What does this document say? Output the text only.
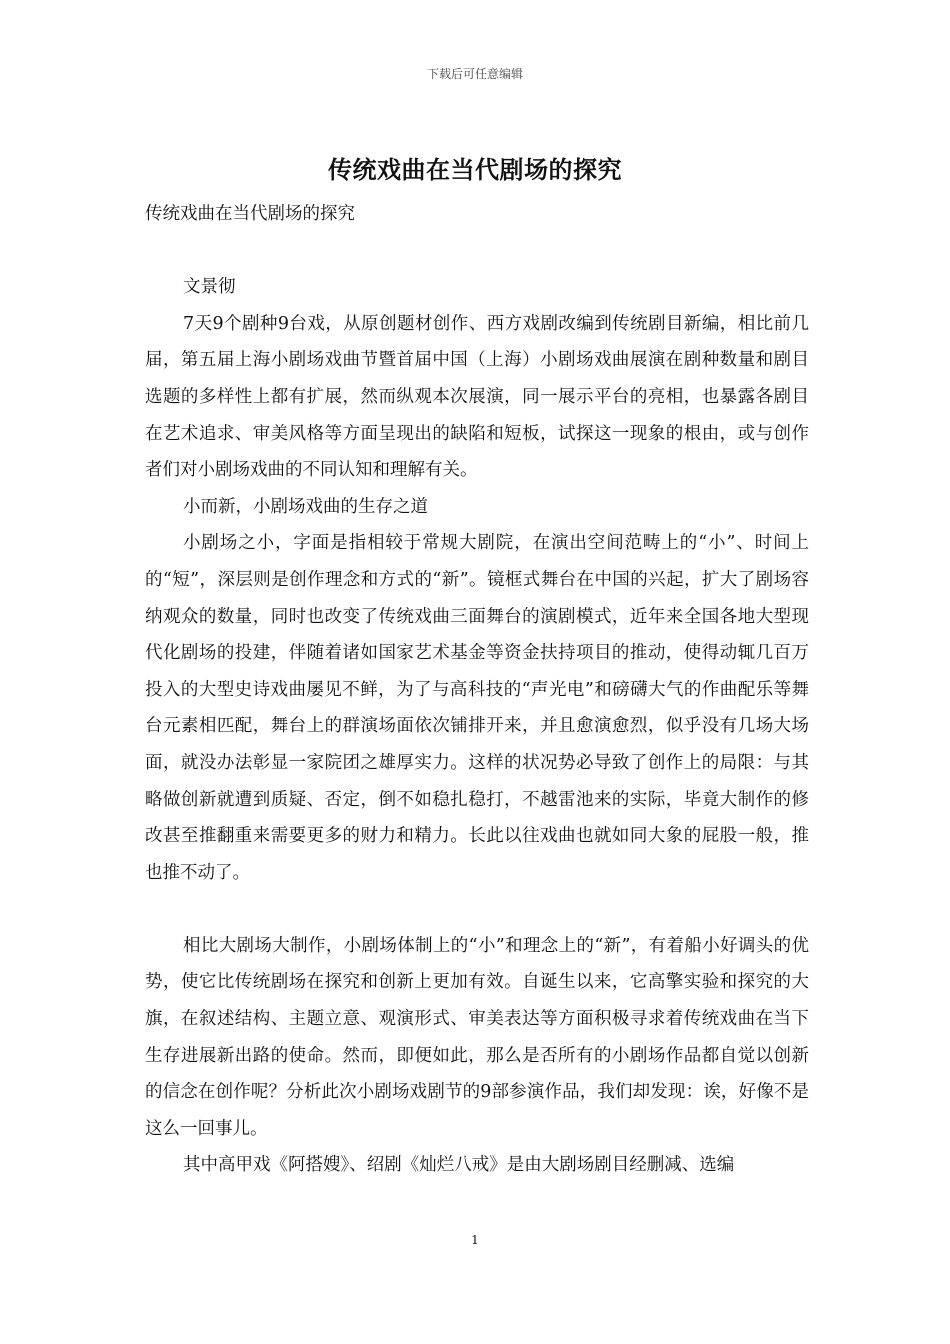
下载后可任意编辑
传统戏曲在当代剧场的探究

传统戏曲在当代剧场的探究

文景彻

7天9个剧种9台戏，从原创题材创作、西方戏剧改编到传统剧目新编，相比前几届，第五届上海小剧场戏曲节暨首届中国（上海）小剧场戏曲展演在剧种数量和剧目选题的多样性上都有扩展，然而纵观本次展演，同一展示平台的亮相，也暴露各剧目在艺术追求、审美风格等方面呈现出的缺陷和短板，试探这一现象的根由，或与创作者们对小剧场戏曲的不同认知和理解有关。

小而新，小剧场戏曲的生存之道

小剧场之小，字面是指相较于常规大剧院，在演出空间范畴上的“小”、时间上的“短”，深层则是创作理念和方式的“新”。镜框式舞台在中国的兴起，扩大了剧场容纳观众的数量，同时也改变了传统戏曲三面舞台的演剧模式，近年来全国各地大型现代化剧场的投建，伴随着诸如国家艺术基金等资金扶持项目的推动，使得动辄几百万投入的大型史诗戏曲屡见不鲜，为了与高科技的“声光电”和磅礴大气的作曲配乐等舞台元素相匹配，舞台上的群演场面依次铺排开来，并且愈演愈烈，似乎没有几场大场面，就没办法彰显一家院团之雄厚实力。这样的状况势必导致了创作上的局限：与其略做创新就遭到质疑、否定，倒不如稳扎稳打，不越雷池来的实际，毕竟大制作的修改甚至推翻重来需要更多的财力和精力。长此以往戏曲也就如同大象的屁股一般，推也推不动了。

相比大剧场大制作，小剧场体制上的“小”和理念上的“新”，有着船小好调头的优势，使它比传统剧场在探究和创新上更加有效。自诞生以来，它高擎实验和探究的大旗，在叙述结构、主题立意、观演形式、审美表达等方面积极寻求着传统戏曲在当下生存进展新出路的使命。然而，即便如此，那么是否所有的小剧场作品都自觉以创新的信念在创作呢？分析此次小剧场戏剧节的9部参演作品，我们却发现：诶，好像不是这么一回事儿。

其中高甲戏《阿搭嫂》、绍剧《灿烂八戒》是由大剧场剧目经删减、选编

1
